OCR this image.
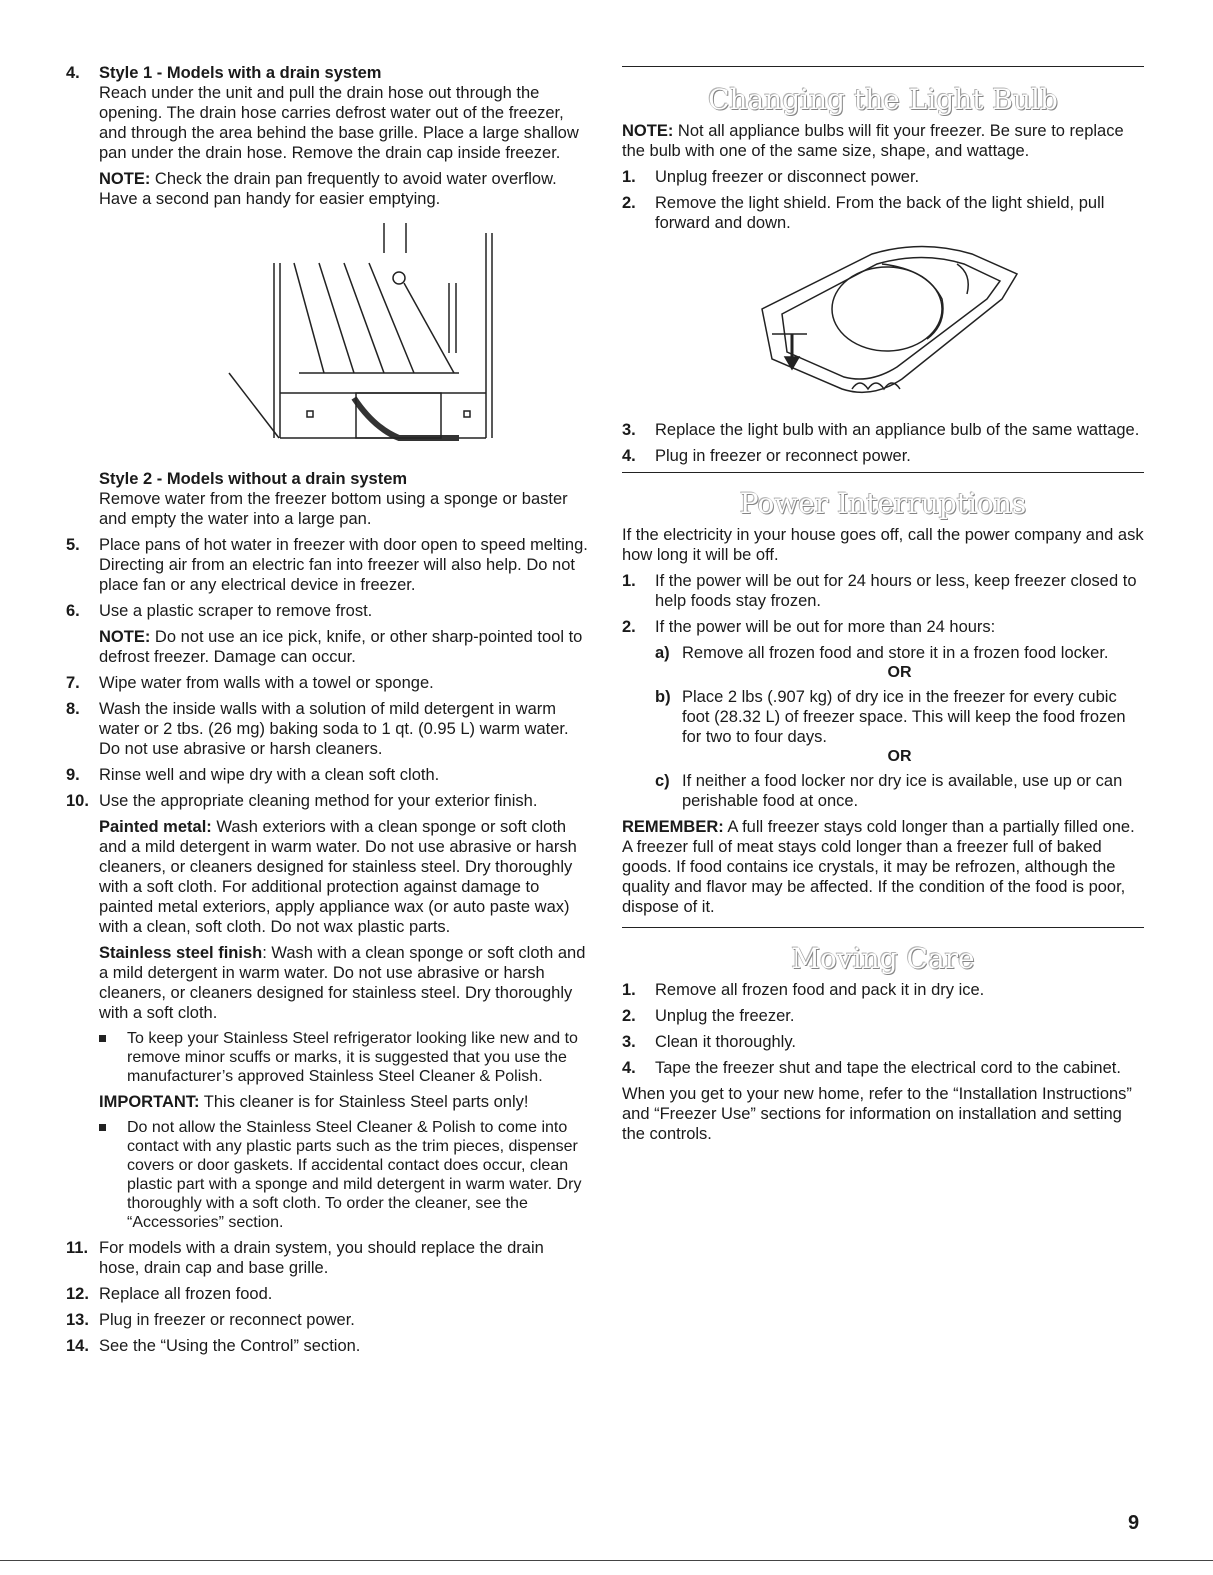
4. Style 1 - Models with a drain system
Reach under the unit and pull the drain hose out through the opening. The drain hose carries defrost water out of the freezer, and through the area behind the base grille. Place a large shallow pan under the drain hose. Remove the drain cap inside freezer.
NOTE: Check the drain pan frequently to avoid water overflow. Have a second pan handy for easier emptying.
Style 2 - Models without a drain system
Remove water from the freezer bottom using a sponge or baster and empty the water into a large pan.
5. Place pans of hot water in freezer with door open to speed melting. Directing air from an electric fan into freezer will also help. Do not place fan or any electrical device in freezer.
6. Use a plastic scraper to remove frost.
NOTE: Do not use an ice pick, knife, or other sharp-pointed tool to defrost freezer. Damage can occur.
7. Wipe water from walls with a towel or sponge.
8. Wash the inside walls with a solution of mild detergent in warm water or 2 tbs. (26 mg) baking soda to 1 qt. (0.95 L) warm water. Do not use abrasive or harsh cleaners.
9. Rinse well and wipe dry with a clean soft cloth.
10. Use the appropriate cleaning method for your exterior finish.
Painted metal: Wash exteriors with a clean sponge or soft cloth and a mild detergent in warm water. Do not use abrasive or harsh cleaners, or cleaners designed for stainless steel. Dry thoroughly with a soft cloth. For additional protection against damage to painted metal exteriors, apply appliance wax (or auto paste wax) with a clean, soft cloth. Do not wax plastic parts.
Stainless steel finish: Wash with a clean sponge or soft cloth and a mild detergent in warm water. Do not use abrasive or harsh cleaners, or cleaners designed for stainless steel. Dry thoroughly with a soft cloth.
To keep your Stainless Steel refrigerator looking like new and to remove minor scuffs or marks, it is suggested that you use the manufacturer’s approved Stainless Steel Cleaner & Polish.
IMPORTANT: This cleaner is for Stainless Steel parts only!
Do not allow the Stainless Steel Cleaner & Polish to come into contact with any plastic parts such as the trim pieces, dispenser covers or door gaskets. If accidental contact does occur, clean plastic part with a sponge and mild detergent in warm water. Dry thoroughly with a soft cloth. To order the cleaner, see the “Accessories” section.
11. For models with a drain system, you should replace the drain hose, drain cap and base grille.
12. Replace all frozen food.
13. Plug in freezer or reconnect power.
14. See the “Using the Control” section.
Changing the Light Bulb
NOTE: Not all appliance bulbs will fit your freezer. Be sure to replace the bulb with one of the same size, shape, and wattage.
1. Unplug freezer or disconnect power.
2. Remove the light shield. From the back of the light shield, pull forward and down.
3. Replace the light bulb with an appliance bulb of the same wattage.
4. Plug in freezer or reconnect power.
Power Interruptions
If the electricity in your house goes off, call the power company and ask how long it will be off.
1. If the power will be out for 24 hours or less, keep freezer closed to help foods stay frozen.
2. If the power will be out for more than 24 hours:
a) Remove all frozen food and store it in a frozen food locker.
OR
b) Place 2 lbs (.907 kg) of dry ice in the freezer for every cubic foot (28.32 L) of freezer space. This will keep the food frozen for two to four days.
OR
c) If neither a food locker nor dry ice is available, use up or can perishable food at once.
REMEMBER: A full freezer stays cold longer than a partially filled one. A freezer full of meat stays cold longer than a freezer full of baked goods. If food contains ice crystals, it may be refrozen, although the quality and flavor may be affected. If the condition of the food is poor, dispose of it.
Moving Care
1. Remove all frozen food and pack it in dry ice.
2. Unplug the freezer.
3. Clean it thoroughly.
4. Tape the freezer shut and tape the electrical cord to the cabinet.
When you get to your new home, refer to the “Installation Instructions” and “Freezer Use” sections for information on installation and setting the controls.
9
